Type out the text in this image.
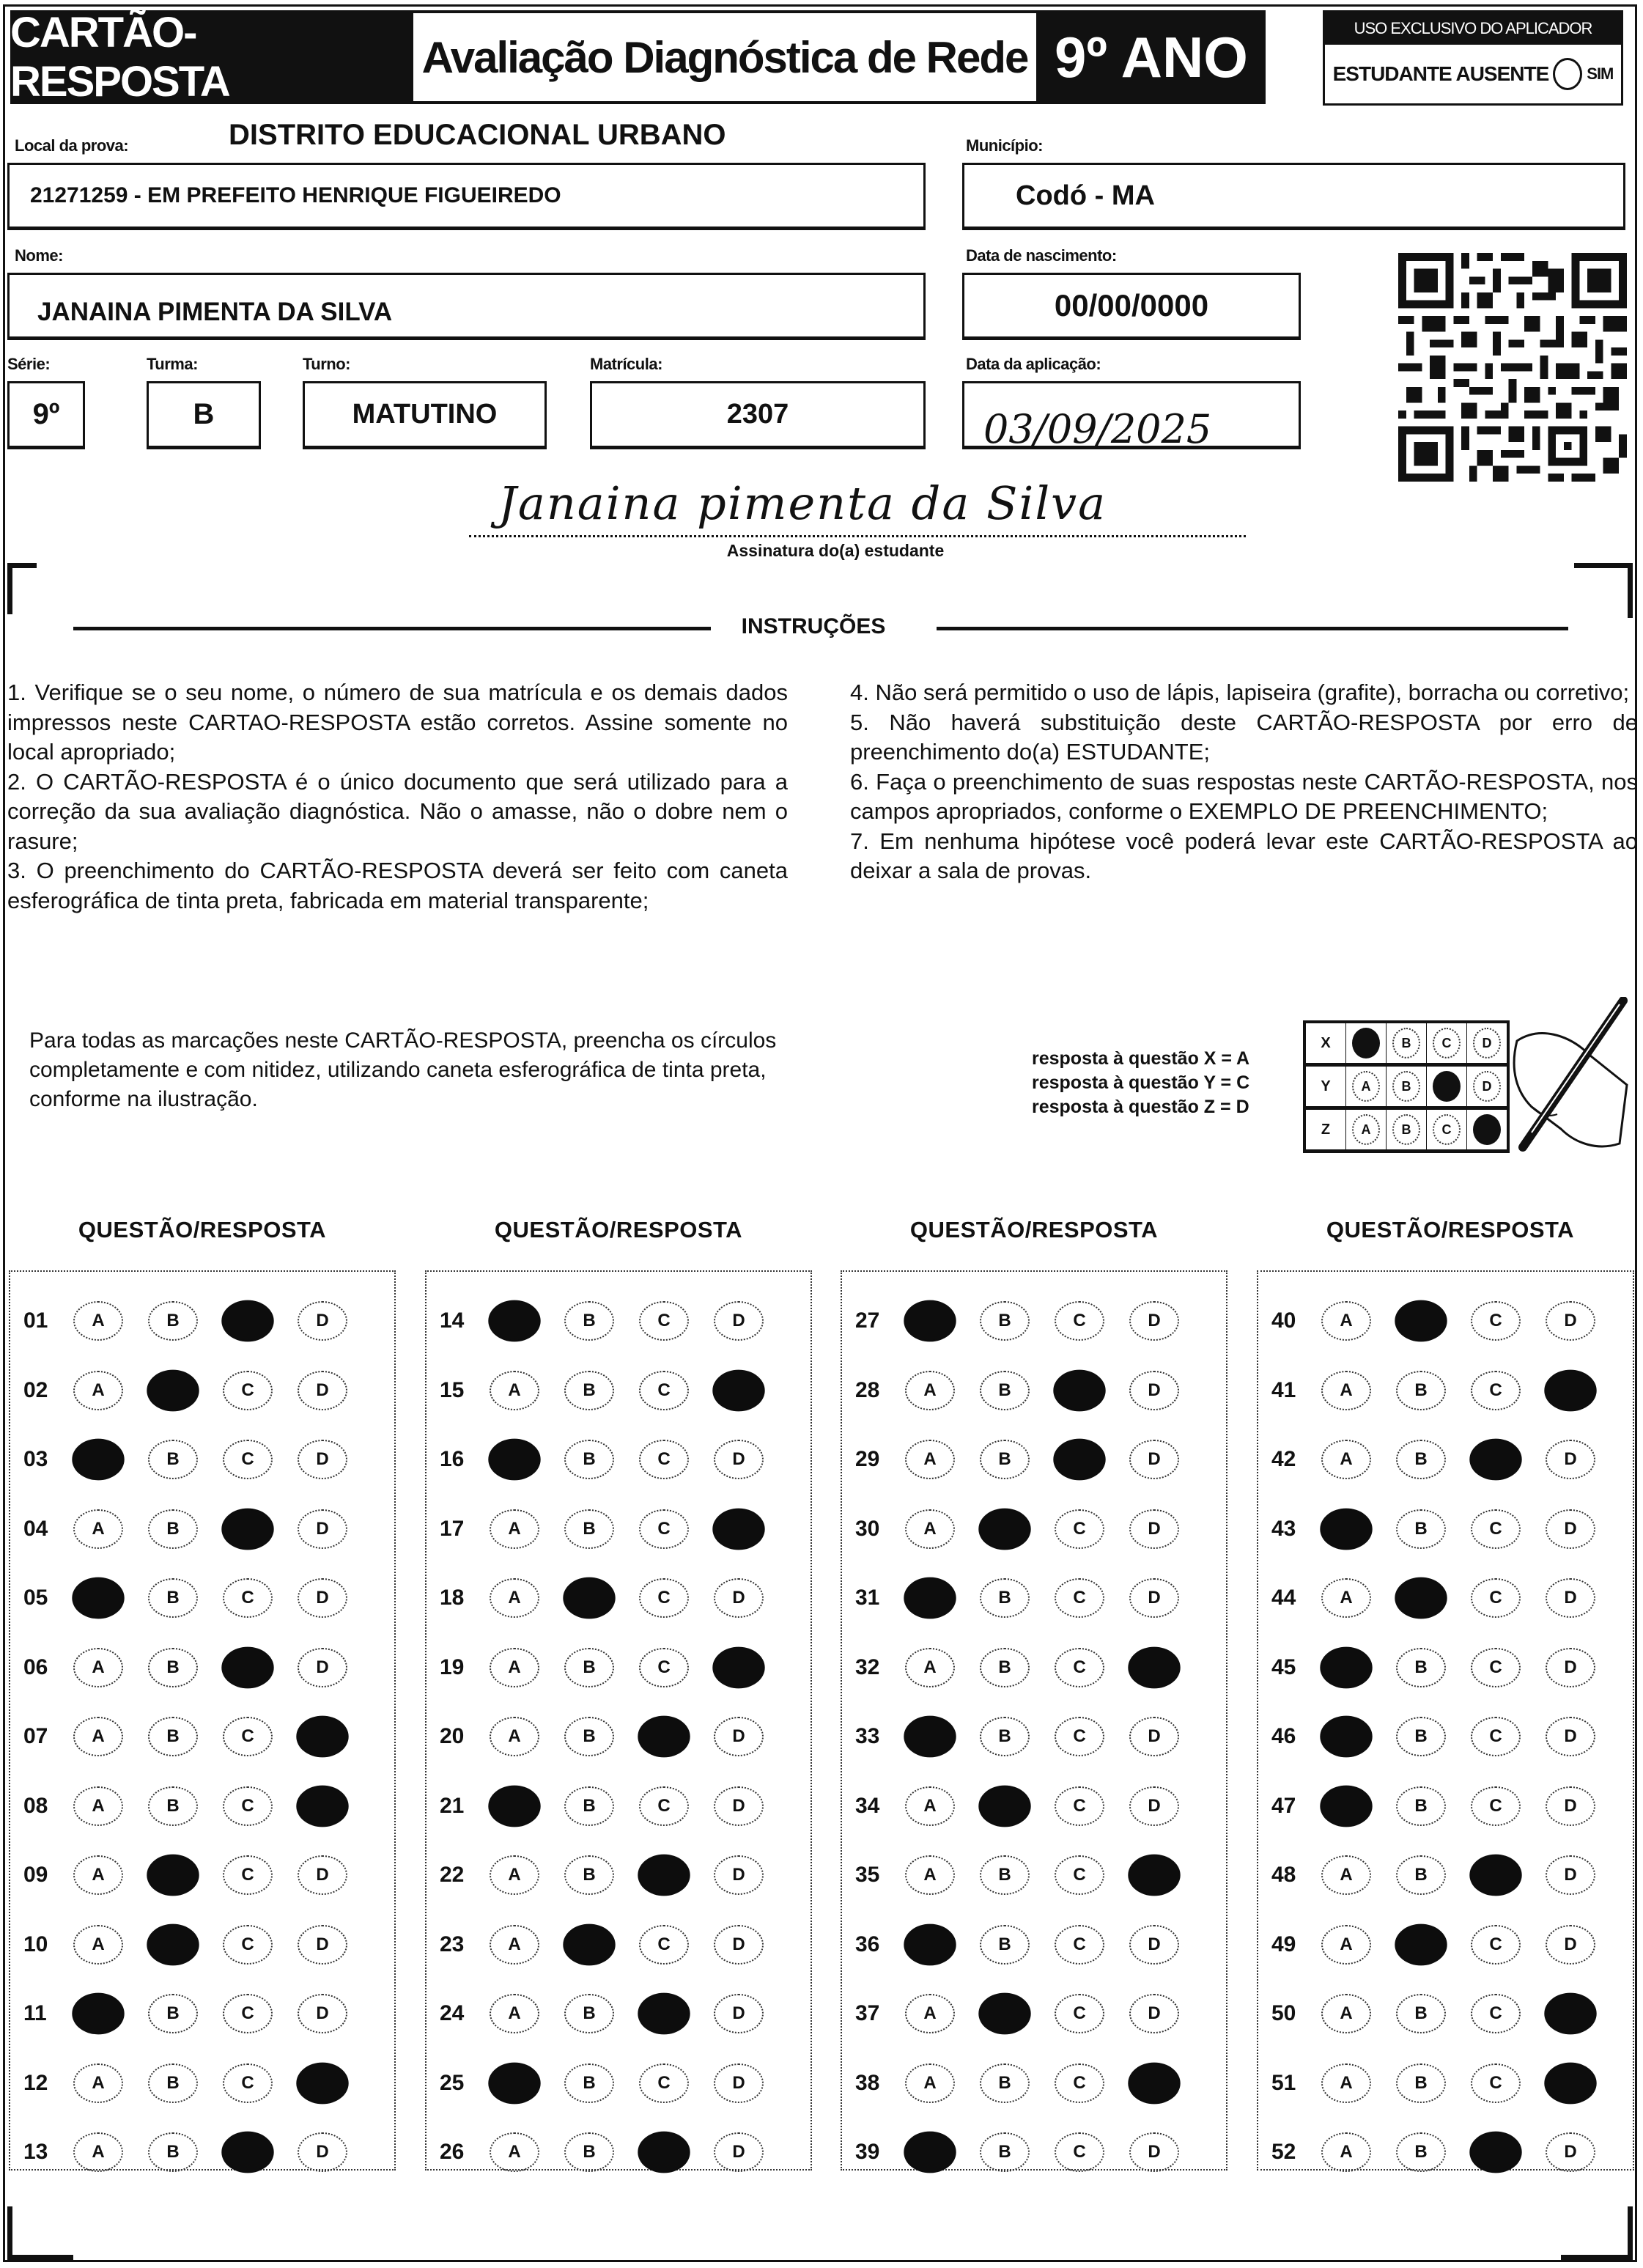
CARTÃO-RESPOSTA	Avaliação Diagnóstica de Rede 9º ANO	USO EXCLUSIVO DO APLICADOR
ESTUDANTE AUSENTE SIM
Local da prova:	DISTRITO EDUCACIONAL URBANO
21271259 - EM PREFEITO HENRIQUE FIGUEIREDO
Município:
Codó - MA
Nome:
JANAINA PIMENTA DA SILVA
Data de nascimento:
00/00/0000
Série:
9º
Turma:
B
Turno:
MATUTINO
Matrícula:
2307
Data da aplicação:
03/09/2025
Janaina pimenta da Silva
Assinatura do(a) estudante
INSTRUÇÕES

1. Verifique se o seu nome, o número de sua matrícula e os demais dados impressos neste CARTAO-RESPOSTA estão corretos. Assine somente no local apropriado;

2. O CARTÃO-RESPOSTA é o único documento que será utilizado para a correção da sua avaliação diagnóstica. Não o amasse, não o dobre nem o rasure;

3. O preenchimento do CARTÃO-RESPOSTA deverá ser feito com caneta esferográfica de tinta preta, fabricada em material transparente;

4. Não será permitido o uso de lápis, lapiseira (grafite), borracha ou corretivo;

5. Não haverá substituição deste CARTÃO-RESPOSTA por erro de preenchimento do(a) ESTUDANTE;

6. Faça o preenchimento de suas respostas neste CARTÃO-RESPOSTA, nos campos apropriados, conforme o EXEMPLO DE PREENCHIMENTO;

7. Em nenhuma hipótese você poderá levar este CARTÃO-RESPOSTA ao deixar a sala de provas.

Para todas as marcações neste CARTÃO-RESPOSTA, preencha os círculos completamente e com nitidez, utilizando caneta esferográfica de tinta preta, conforme na ilustração.
resposta à questão X = A
resposta à questão Y = C
resposta à questão Z = D
X		B	C	D

Y	A	B		D

Z	A	B	C

QUESTÃO/RESPOSTA	QUESTÃO/RESPOSTA	QUESTÃO/RESPOSTA	QUESTÃO/RESPOSTA
01	A	B	D
02	A	C	D
03	B	C	D
04	A	B	D
05	B	C	D
06	A	B	D
07	A	B	C
08	A	B	C
09	A	C	D
10	A	C	D
11	B	C	D
12	A	B	C
13	A	B	D
14	B	C	D
15	A	B	C
16	B	C	D
17	A	B	C
18	A	C	D
19	A	B	C
20	A	B	D
21	B	C	D
22	A	B	D
23	A	C	D
24	A	B	D
25	B	C	D
26	A	B	D
27	B	C	D
28	A	B	D
29	A	B	D
30	A	C	D
31	B	C	D
32	A	B	C
33	B	C	D
34	A	C	D
35	A	B	C
36	B	C	D
37	A	C	D
38	A	B	C
39	B	C	D
40	A	C	D
41	A	B	C
42	A	B	D
43	B	C	D
44	A	C	D
45	B	C	D
46	B	C	D
47	B	C	D
48	A	B	D
49	A	C	D
50	A	B	C
51	A	B	C
52	A	B	D
